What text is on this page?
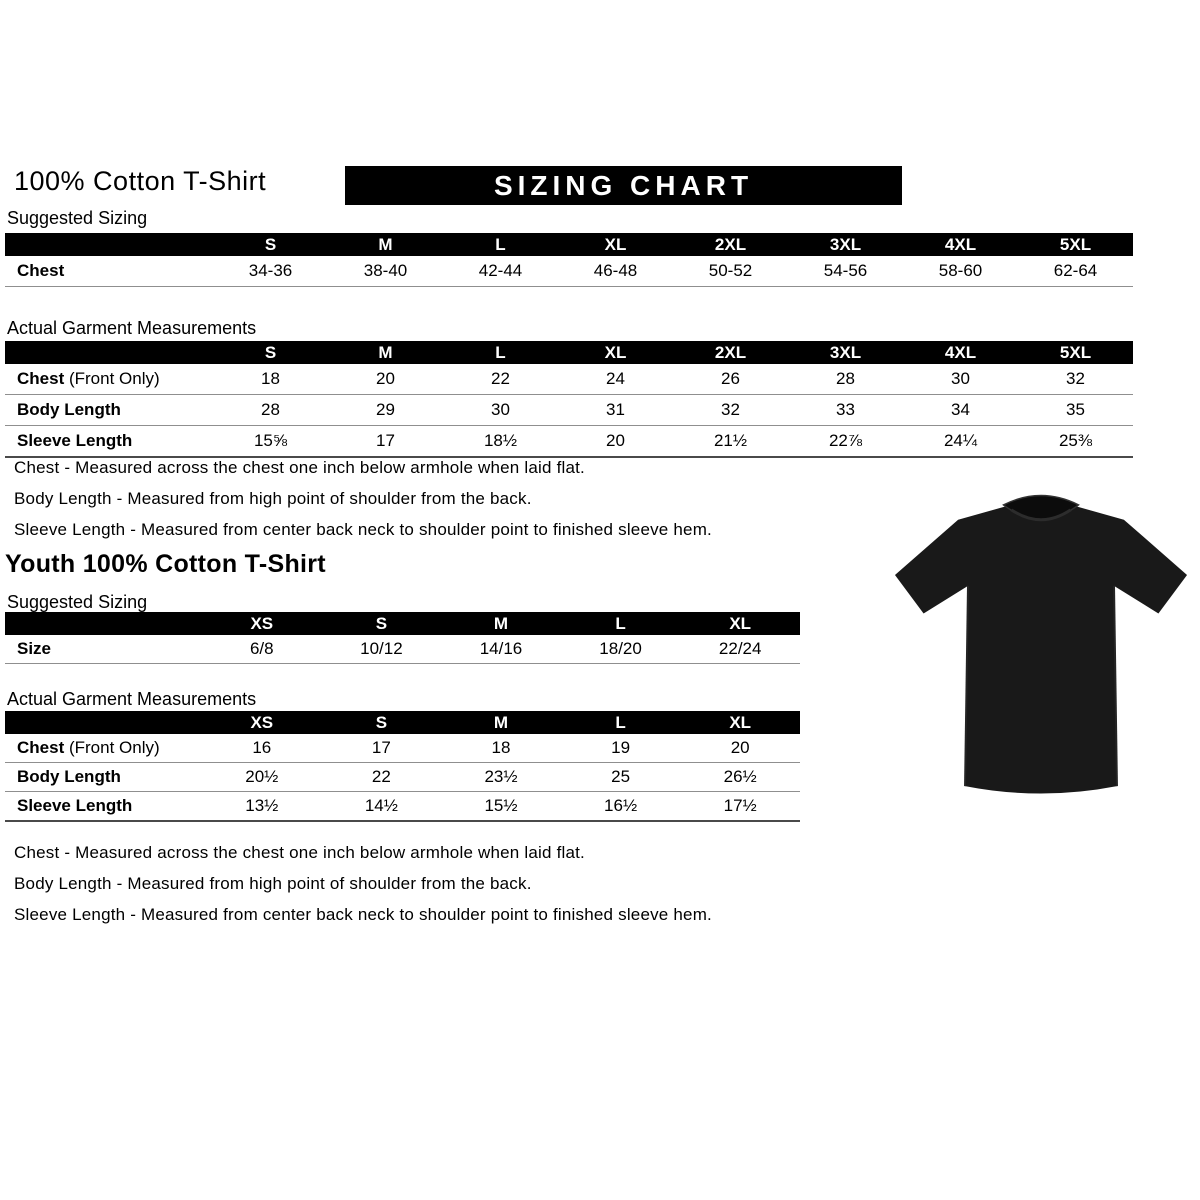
100% Cotton T-Shirt	SIZING CHART
Suggested Sizing
	S	M	L	XL	2XL	3XL	4XL	5XL
Chest	34-36	38-40	42-44	46-48	50-52	54-56	58-60	62-64
Actual Garment Measurements
	S	M	L	XL	2XL	3XL	4XL	5XL
Chest (Front Only)	18	20	22	24	26	28	30	32
Body Length	28	29	30	31	32	33	34	35
Sleeve Length	15⅝	17	18½	20	21½	22⅞	24¼	25⅜
Chest - Measured across the chest one inch below armhole when laid flat.
Body Length - Measured from high point of shoulder from the back.
Sleeve Length - Measured from center back neck to shoulder point to finished sleeve hem.
Youth 100% Cotton T-Shirt
Suggested Sizing
	XS	S	M	L	XL
Size	6/8	10/12	14/16	18/20	22/24
Actual Garment Measurements
	XS	S	M	L	XL
Chest (Front Only)	16	17	18	19	20
Body Length	20½	22	23½	25	26½
Sleeve Length	13½	14½	15½	16½	17½
Chest - Measured across the chest one inch below armhole when laid flat.
Body Length - Measured from high point of shoulder from the back.
Sleeve Length - Measured from center back neck to shoulder point to finished sleeve hem.
